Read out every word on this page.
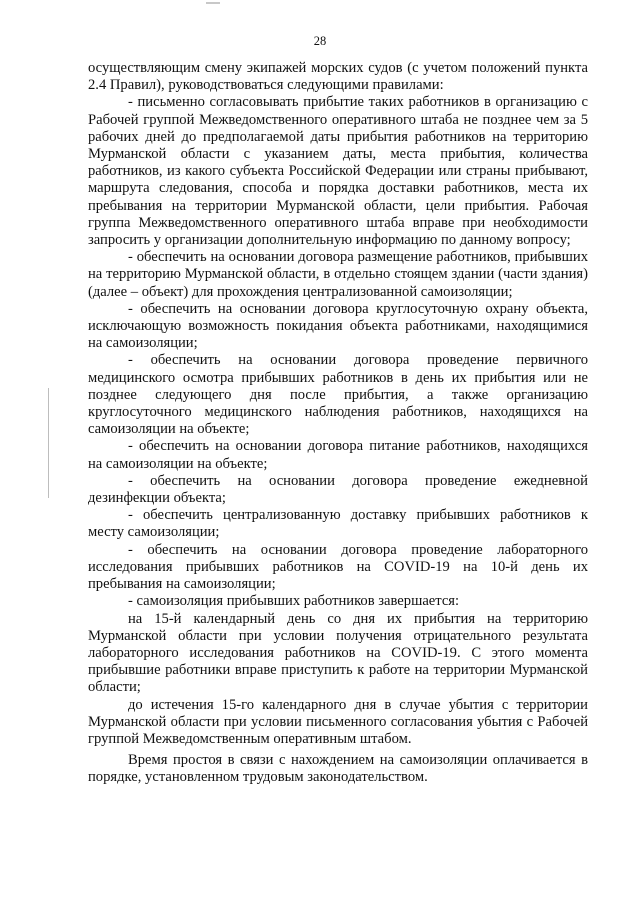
28

осуществляющим смену экипажей морских судов (с учетом положений пункта 2.4 Правил), руководствоваться следующими правилами:

- письменно согласовывать прибытие таких работников в организацию с Рабочей группой Межведомственного оперативного штаба не позднее чем за 5 рабочих дней до предполагаемой даты прибытия работников на территорию Мурманской области с указанием даты, места прибытия, количества работников, из какого субъекта Российской Федерации или страны прибывают, маршрута следования, способа и порядка доставки работников, места их пребывания на территории Мурманской области, цели прибытия. Рабочая группа Межведомственного оперативного штаба вправе при необходимости запросить у организации дополнительную информацию по данному вопросу;

- обеспечить на основании договора размещение работников, прибывших на территорию Мурманской области, в отдельно стоящем здании (части здания) (далее – объект) для прохождения централизованной самоизоляции;

- обеспечить на основании договора круглосуточную охрану объекта, исключающую возможность покидания объекта работниками, находящимися на самоизоляции;

- обеспечить на основании договора проведение первичного медицинского осмотра прибывших работников в день их прибытия или не позднее следующего дня после прибытия, а также организацию круглосуточного медицинского наблюдения работников, находящихся на самоизоляции на объекте;

- обеспечить на основании договора питание работников, находящихся на самоизоляции на объекте;

- обеспечить на основании договора проведение ежедневной дезинфекции объекта;

- обеспечить централизованную доставку прибывших работников к месту самоизоляции;

- обеспечить на основании договора проведение лабораторного исследования прибывших работников на COVID-19 на 10-й день их пребывания на самоизоляции;

- самоизоляция прибывших работников завершается:

на 15-й календарный день со дня их прибытия на территорию Мурманской области при условии получения отрицательного результата лабораторного исследования работников на COVID-19. С этого момента прибывшие работники вправе приступить к работе на территории Мурманской области;

до истечения 15-го календарного дня в случае убытия с территории Мурманской области при условии письменного согласования убытия с Рабочей группой Межведомственным оперативным штабом.

Время простоя в связи с нахождением на самоизоляции оплачивается в порядке, установленном трудовым законодательством.
